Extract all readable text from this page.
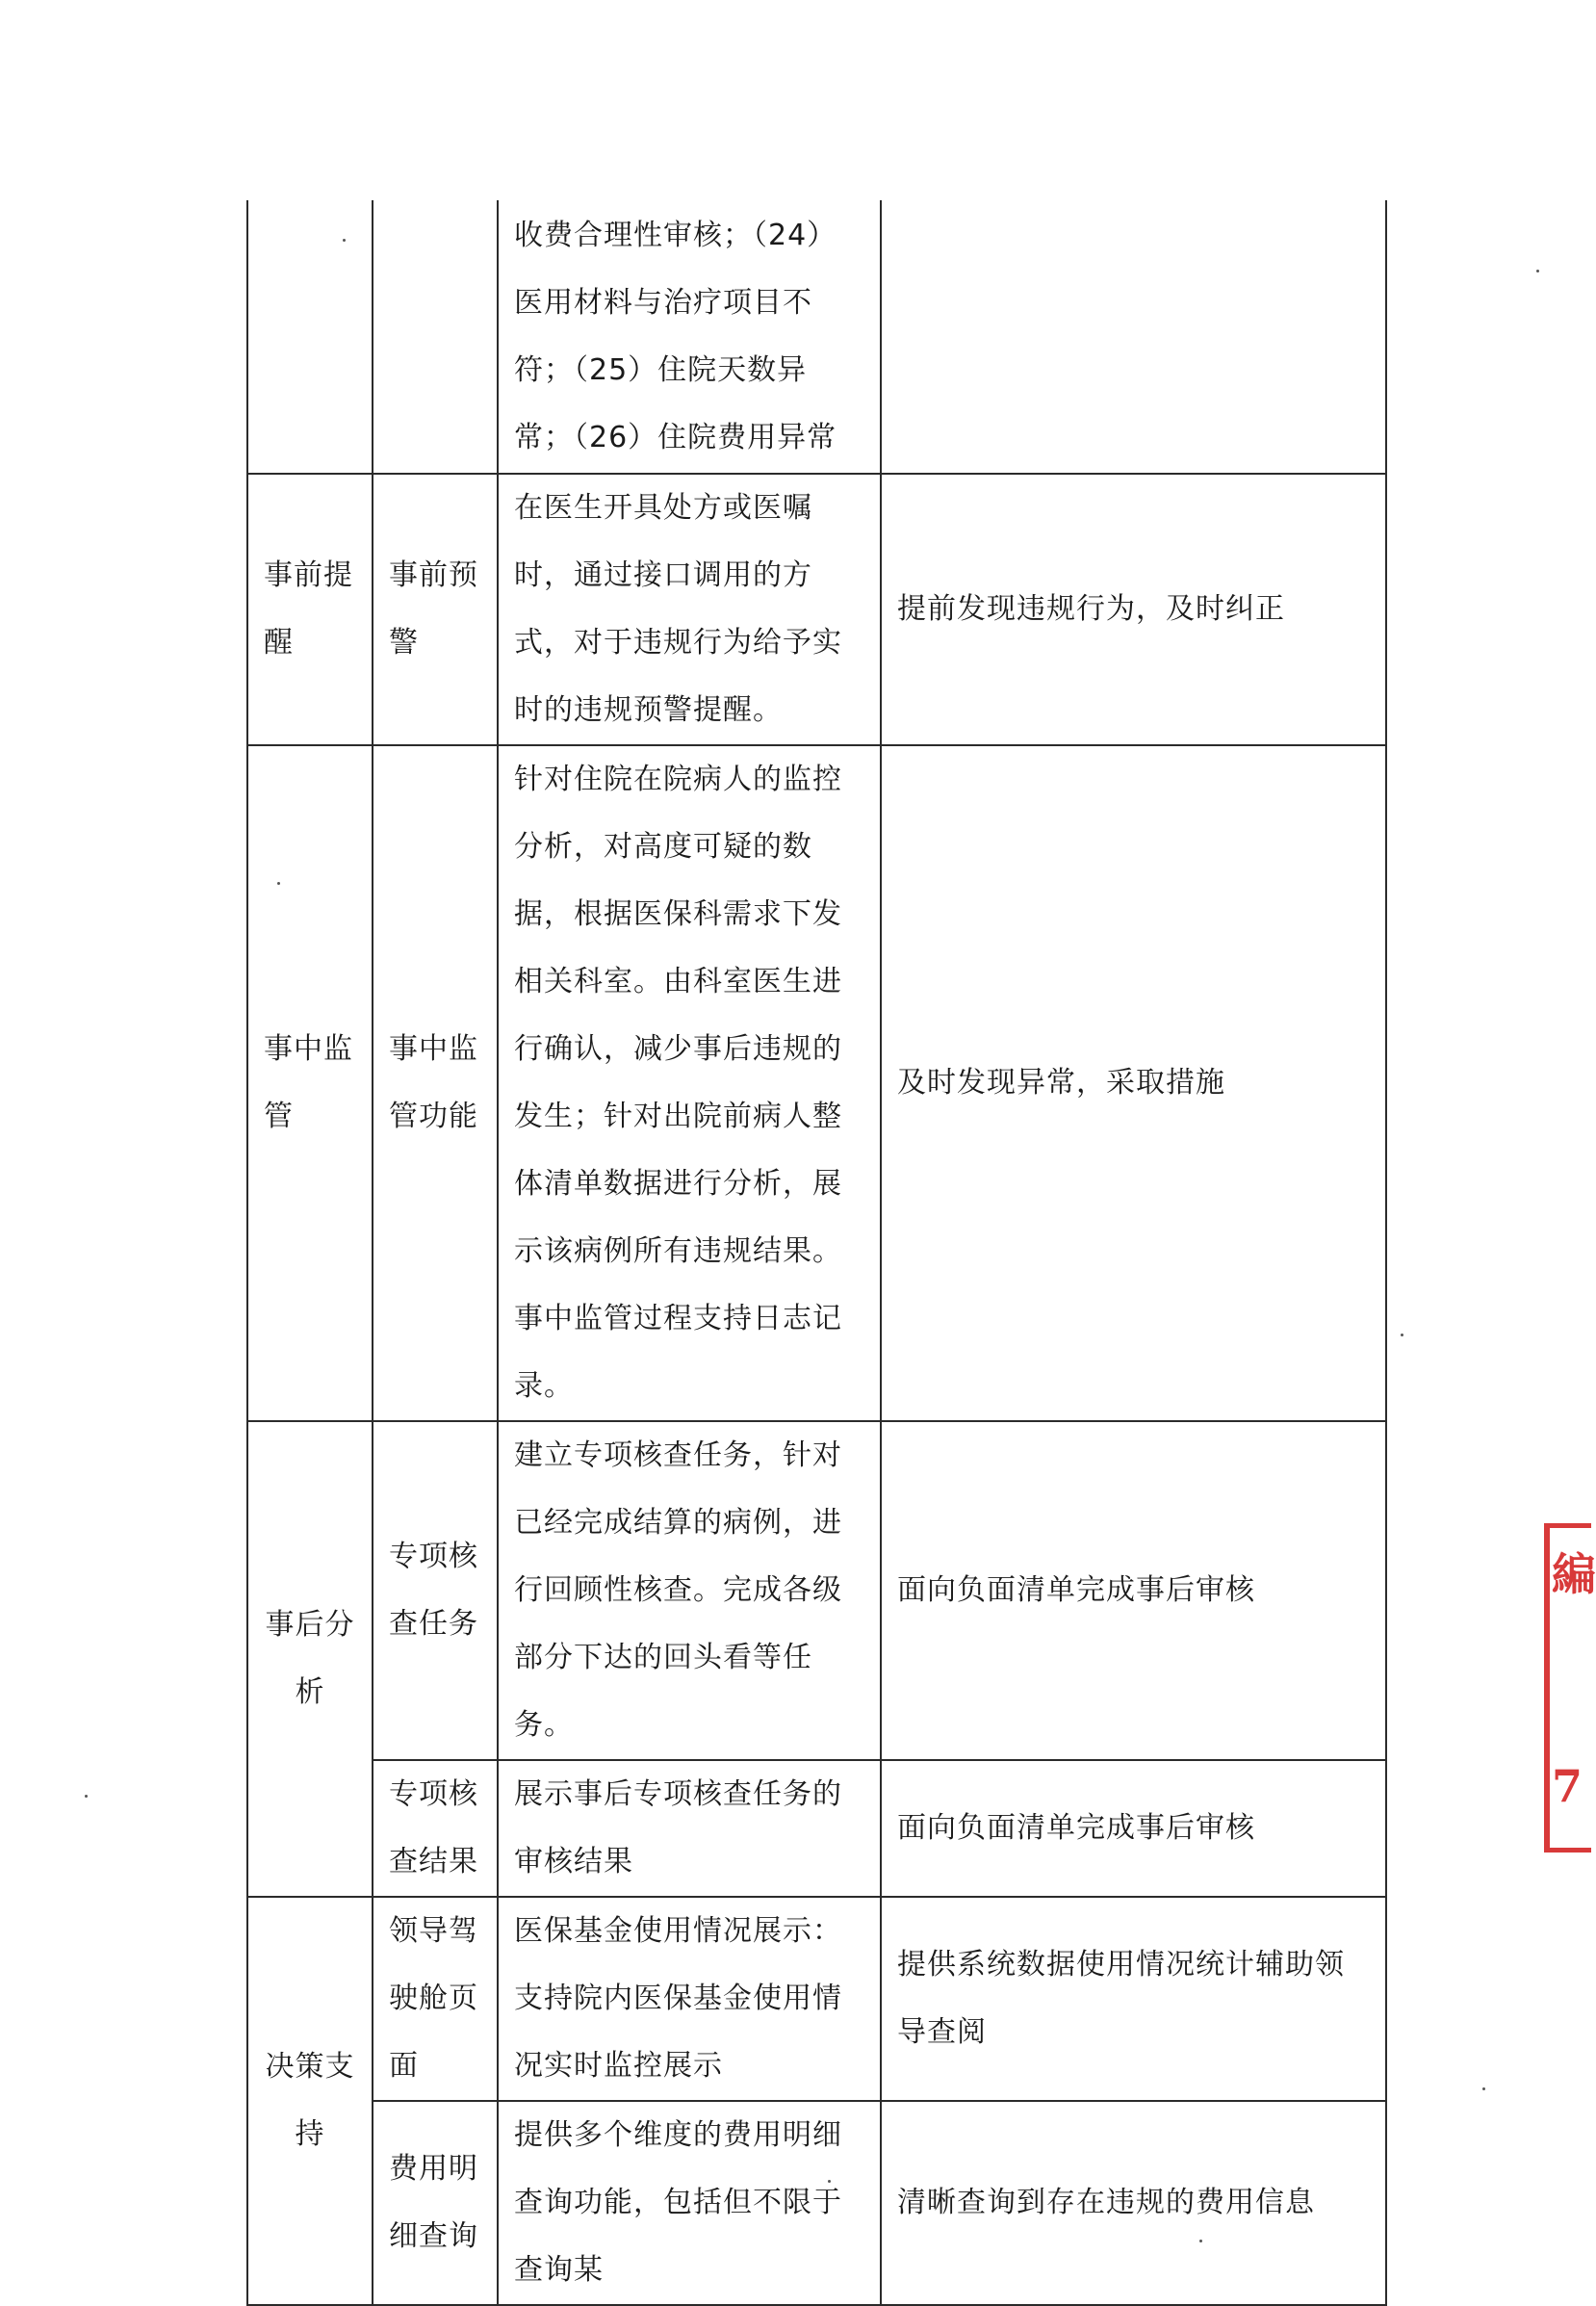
		收费合理性审核；（24）医用材料与治疗项目不符；（25）住院天数异常；（26）住院费用异常	
事前提醒	事前预警	在医生开具处方或医嘱时，通过接口调用的方式，对于违规行为给予实时的违规预警提醒。	提前发现违规行为，及时纠正
事中监管	事中监管功能	针对住院在院病人的监控分析，对高度可疑的数据，根据医保科需求下发相关科室。由科室医生进行确认，减少事后违规的发生；针对出院前病人整体清单数据进行分析，展示该病例所有违规结果。事中监管过程支持日志记录。	及时发现异常，采取措施
事后分析	专项核查任务	建立专项核查任务，针对已经完成结算的病例，进行回顾性核查。完成各级部分下达的回头看等任务。	面向负面清单完成事后审核
	专项核查结果	展示事后专项核查任务的审核结果	面向负面清单完成事后审核
决策支持	领导驾驶舱页面	医保基金使用情况展示：支持院内医保基金使用情况实时监控展示	提供系统数据使用情况统计辅助领导查阅
	费用明细查询	提供多个维度的费用明细查询功能，包括但不限于查询某	清晰查询到存在违规的费用信息
編
7
